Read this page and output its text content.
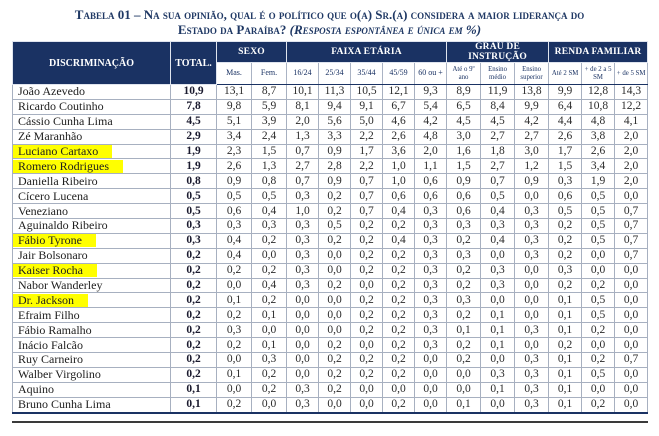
Tabela 01 – Na sua opinião, qual é o político que o(a) Sr.(a) considera a maior liderança do
Estado da Paraíba? (Resposta espontânea e única em %)
DISCRIMINAÇÃO	TOTAL.	SEXO		FAIXA ETÁRIA					GRAU DE INSTRUÇÃO			RENDA FAMILIAR		
		Mas.	Fem.	16/24	25/34	35/44	45/59	60 ou +	Até o 9º ano	Ensino médio	Ensino superior	Até 2 SM	+ de 2 a 5 SM	+ de 5 SM
João Azevedo	10,9	13,1	8,7	10,1	11,3	10,5	12,1	9,3	8,9	11,9	13,8	9,9	12,8	14,3
Ricardo Coutinho	7,8	9,8	5,9	8,1	9,4	9,1	6,7	5,4	6,5	8,4	9,9	6,4	10,8	12,2
Cássio Cunha Lima	4,5	5,1	3,9	2,0	5,6	5,0	4,6	4,2	4,5	4,5	4,2	4,4	4,8	4,1
Zé Maranhão	2,9	3,4	2,4	1,3	3,3	2,2	2,6	4,8	3,0	2,7	2,7	2,6	3,8	2,0
Luciano Cartaxo	1,9	2,3	1,5	0,7	0,9	1,7	3,6	2,0	1,6	1,8	3,0	1,7	2,6	2,0
Romero Rodrigues	1,9	2,6	1,3	2,7	2,8	2,2	1,0	1,1	1,5	2,7	1,2	1,5	3,4	2,0
Daniella Ribeiro	0,8	0,9	0,8	0,7	0,9	0,7	1,0	0,6	0,9	0,7	0,9	0,3	1,9	2,0
Cícero Lucena	0,5	0,5	0,5	0,3	0,2	0,7	0,6	0,6	0,6	0,5	0,0	0,6	0,5	0,0
Veneziano	0,5	0,6	0,4	1,0	0,2	0,7	0,4	0,3	0,6	0,4	0,3	0,5	0,5	0,7
Aguinaldo Ribeiro	0,3	0,3	0,3	0,3	0,5	0,2	0,2	0,3	0,3	0,3	0,3	0,2	0,5	0,7
Fábio Tyrone	0,3	0,4	0,2	0,3	0,2	0,2	0,4	0,3	0,2	0,4	0,3	0,2	0,5	0,7
Jair Bolsonaro	0,2	0,4	0,0	0,3	0,0	0,2	0,2	0,3	0,3	0,0	0,3	0,2	0,0	0,7
Kaiser Rocha	0,2	0,2	0,2	0,3	0,0	0,2	0,2	0,3	0,2	0,3	0,0	0,3	0,0	0,0
Nabor Wanderley	0,2	0,0	0,4	0,3	0,2	0,0	0,2	0,3	0,2	0,3	0,0	0,2	0,2	0,0
Dr. Jackson	0,2	0,1	0,2	0,0	0,0	0,2	0,2	0,3	0,3	0,0	0,0	0,1	0,5	0,0
Efraim Filho	0,2	0,2	0,1	0,0	0,0	0,2	0,2	0,3	0,2	0,1	0,0	0,1	0,5	0,0
Fábio Ramalho	0,2	0,3	0,0	0,0	0,0	0,2	0,2	0,3	0,1	0,1	0,3	0,1	0,2	0,0
Inácio Falcão	0,2	0,2	0,1	0,0	0,2	0,0	0,2	0,3	0,2	0,1	0,0	0,2	0,0	0,0
Ruy Carneiro	0,2	0,0	0,3	0,0	0,2	0,2	0,2	0,0	0,2	0,0	0,3	0,1	0,2	0,7
Walber Virgolino	0,2	0,1	0,2	0,0	0,2	0,2	0,2	0,0	0,0	0,3	0,3	0,1	0,5	0,0
Aquino	0,1	0,0	0,2	0,3	0,2	0,0	0,0	0,0	0,0	0,1	0,3	0,1	0,0	0,0
Bruno Cunha Lima	0,1	0,2	0,0	0,3	0,0	0,0	0,2	0,0	0,1	0,0	0,3	0,1	0,2	0,0
